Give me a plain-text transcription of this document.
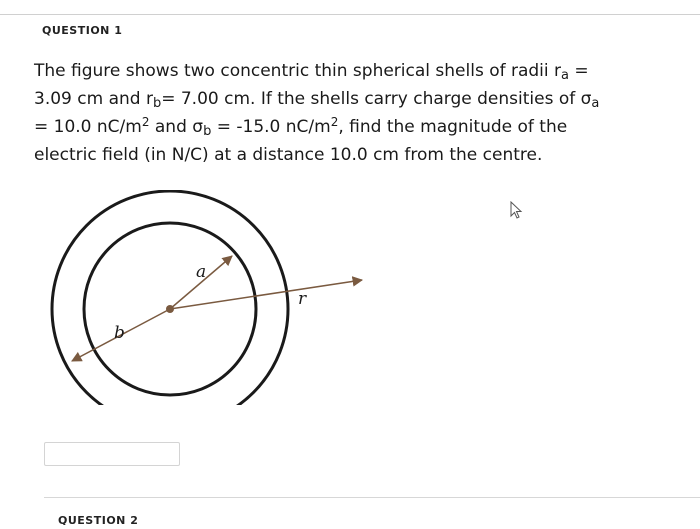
QUESTION 1
The figure shows two concentric thin spherical shells of radii $r_a$ =
3.09 cm and $r_b= 7.00$ cm. If the shells carry charge densities of $\sigma_a$
= 10.0 $nC/m^2$ and $\sigma_b = -15.0$ $nC/m^2$, find the magnitude of the
electric field (in N/C) at a distance 10.0 cm from the centre.
a
b
r
QUESTION 2
